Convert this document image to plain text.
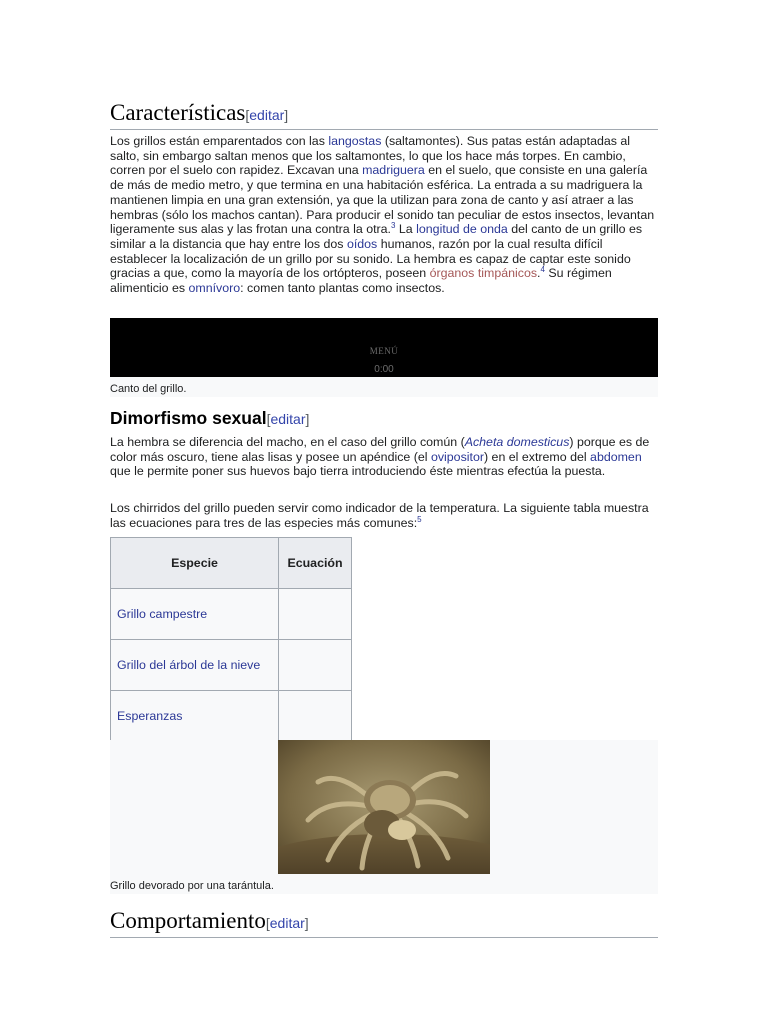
Características[editar]

Los grillos están emparentados con las langostas (saltamontes). Sus patas están adaptadas al salto, sin embargo saltan menos que los saltamontes, lo que los hace más torpes. En cambio, corren por el suelo con rapidez. Excavan una madriguera en el suelo, que consiste en una galería de más de medio metro, y que termina en una habitación esférica. La entrada a su madriguera la mantienen limpia en una gran extensión, ya que la utilizan para zona de canto y así atraer a las hembras (sólo los machos cantan). Para producir el sonido tan peculiar de estos insectos, levantan ligeramente sus alas y las frotan una contra la otra.$^3$ La longitud de onda del canto de un grillo es similar a la distancia que hay entre los dos oídos humanos, razón por la cual resulta difícil establecer la localización de un grillo por su sonido. La hembra es capaz de captar este sonido gracias a que, como la mayoría de los ortópteros, poseen órganos timpánicos.$^4$ Su régimen alimenticio es omnívoro: comen tanto plantas como insectos.

MENÚ
0:00
Canto del grillo.
Dimorfismo sexual[editar]

La hembra se diferencia del macho, en el caso del grillo común (Acheta domesticus) porque es de color más oscuro, tiene alas lisas y posee un apéndice (el ovipositor) en el extremo del abdomen que le permite poner sus huevos bajo tierra introduciendo éste mientras efectúa la puesta.

Los chirridos del grillo pueden servir como indicador de la temperatura. La siguiente tabla muestra las ecuaciones para tres de las especies más comunes:$^5$

Especie	Ecuación
Grillo campestre	
Grillo del árbol de la nieve	
Esperanzas	
Grillo devorado por una tarántula.
Comportamiento[editar]
